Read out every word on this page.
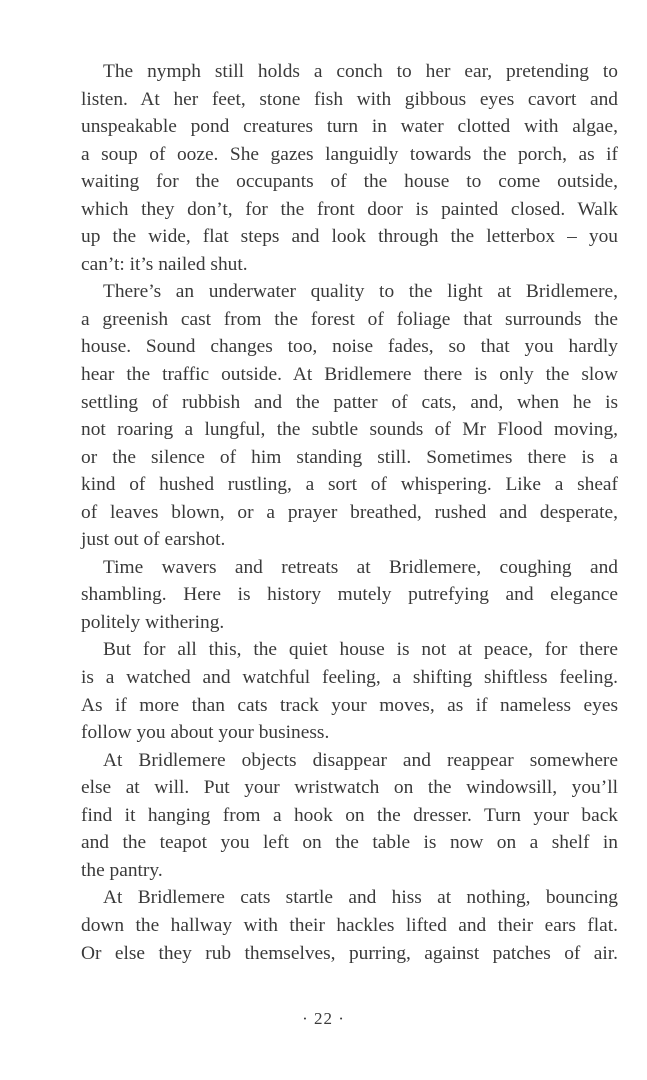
The nymph still holds a conch to her ear, pretending to
listen. At her feet, stone fish with gibbous eyes cavort and
unspeakable pond creatures turn in water clotted with algae,
a soup of ooze. She gazes languidly towards the porch, as if
waiting for the occupants of the house to come outside,
which they don’t, for the front door is painted closed. Walk
up the wide, flat steps and look through the letterbox – you
can’t: it’s nailed shut.
There’s an underwater quality to the light at Bridlemere,
a greenish cast from the forest of foliage that surrounds the
house. Sound changes too, noise fades, so that you hardly
hear the traffic outside. At Bridlemere there is only the slow
settling of rubbish and the patter of cats, and, when he is
not roaring a lungful, the subtle sounds of Mr Flood moving,
or the silence of him standing still. Sometimes there is a
kind of hushed rustling, a sort of whispering. Like a sheaf
of leaves blown, or a prayer breathed, rushed and desperate,
just out of earshot.
Time wavers and retreats at Bridlemere, coughing and
shambling. Here is history mutely putrefying and elegance
politely withering.
But for all this, the quiet house is not at peace, for there
is a watched and watchful feeling, a shifting shiftless feeling.
As if more than cats track your moves, as if nameless eyes
follow you about your business.
At Bridlemere objects disappear and reappear somewhere
else at will. Put your wristwatch on the windowsill, you’ll
find it hanging from a hook on the dresser. Turn your back
and the teapot you left on the table is now on a shelf in
the pantry.
At Bridlemere cats startle and hiss at nothing, bouncing
down the hallway with their hackles lifted and their ears flat.
Or else they rub themselves, purring, against patches of air.
· 22 ·
